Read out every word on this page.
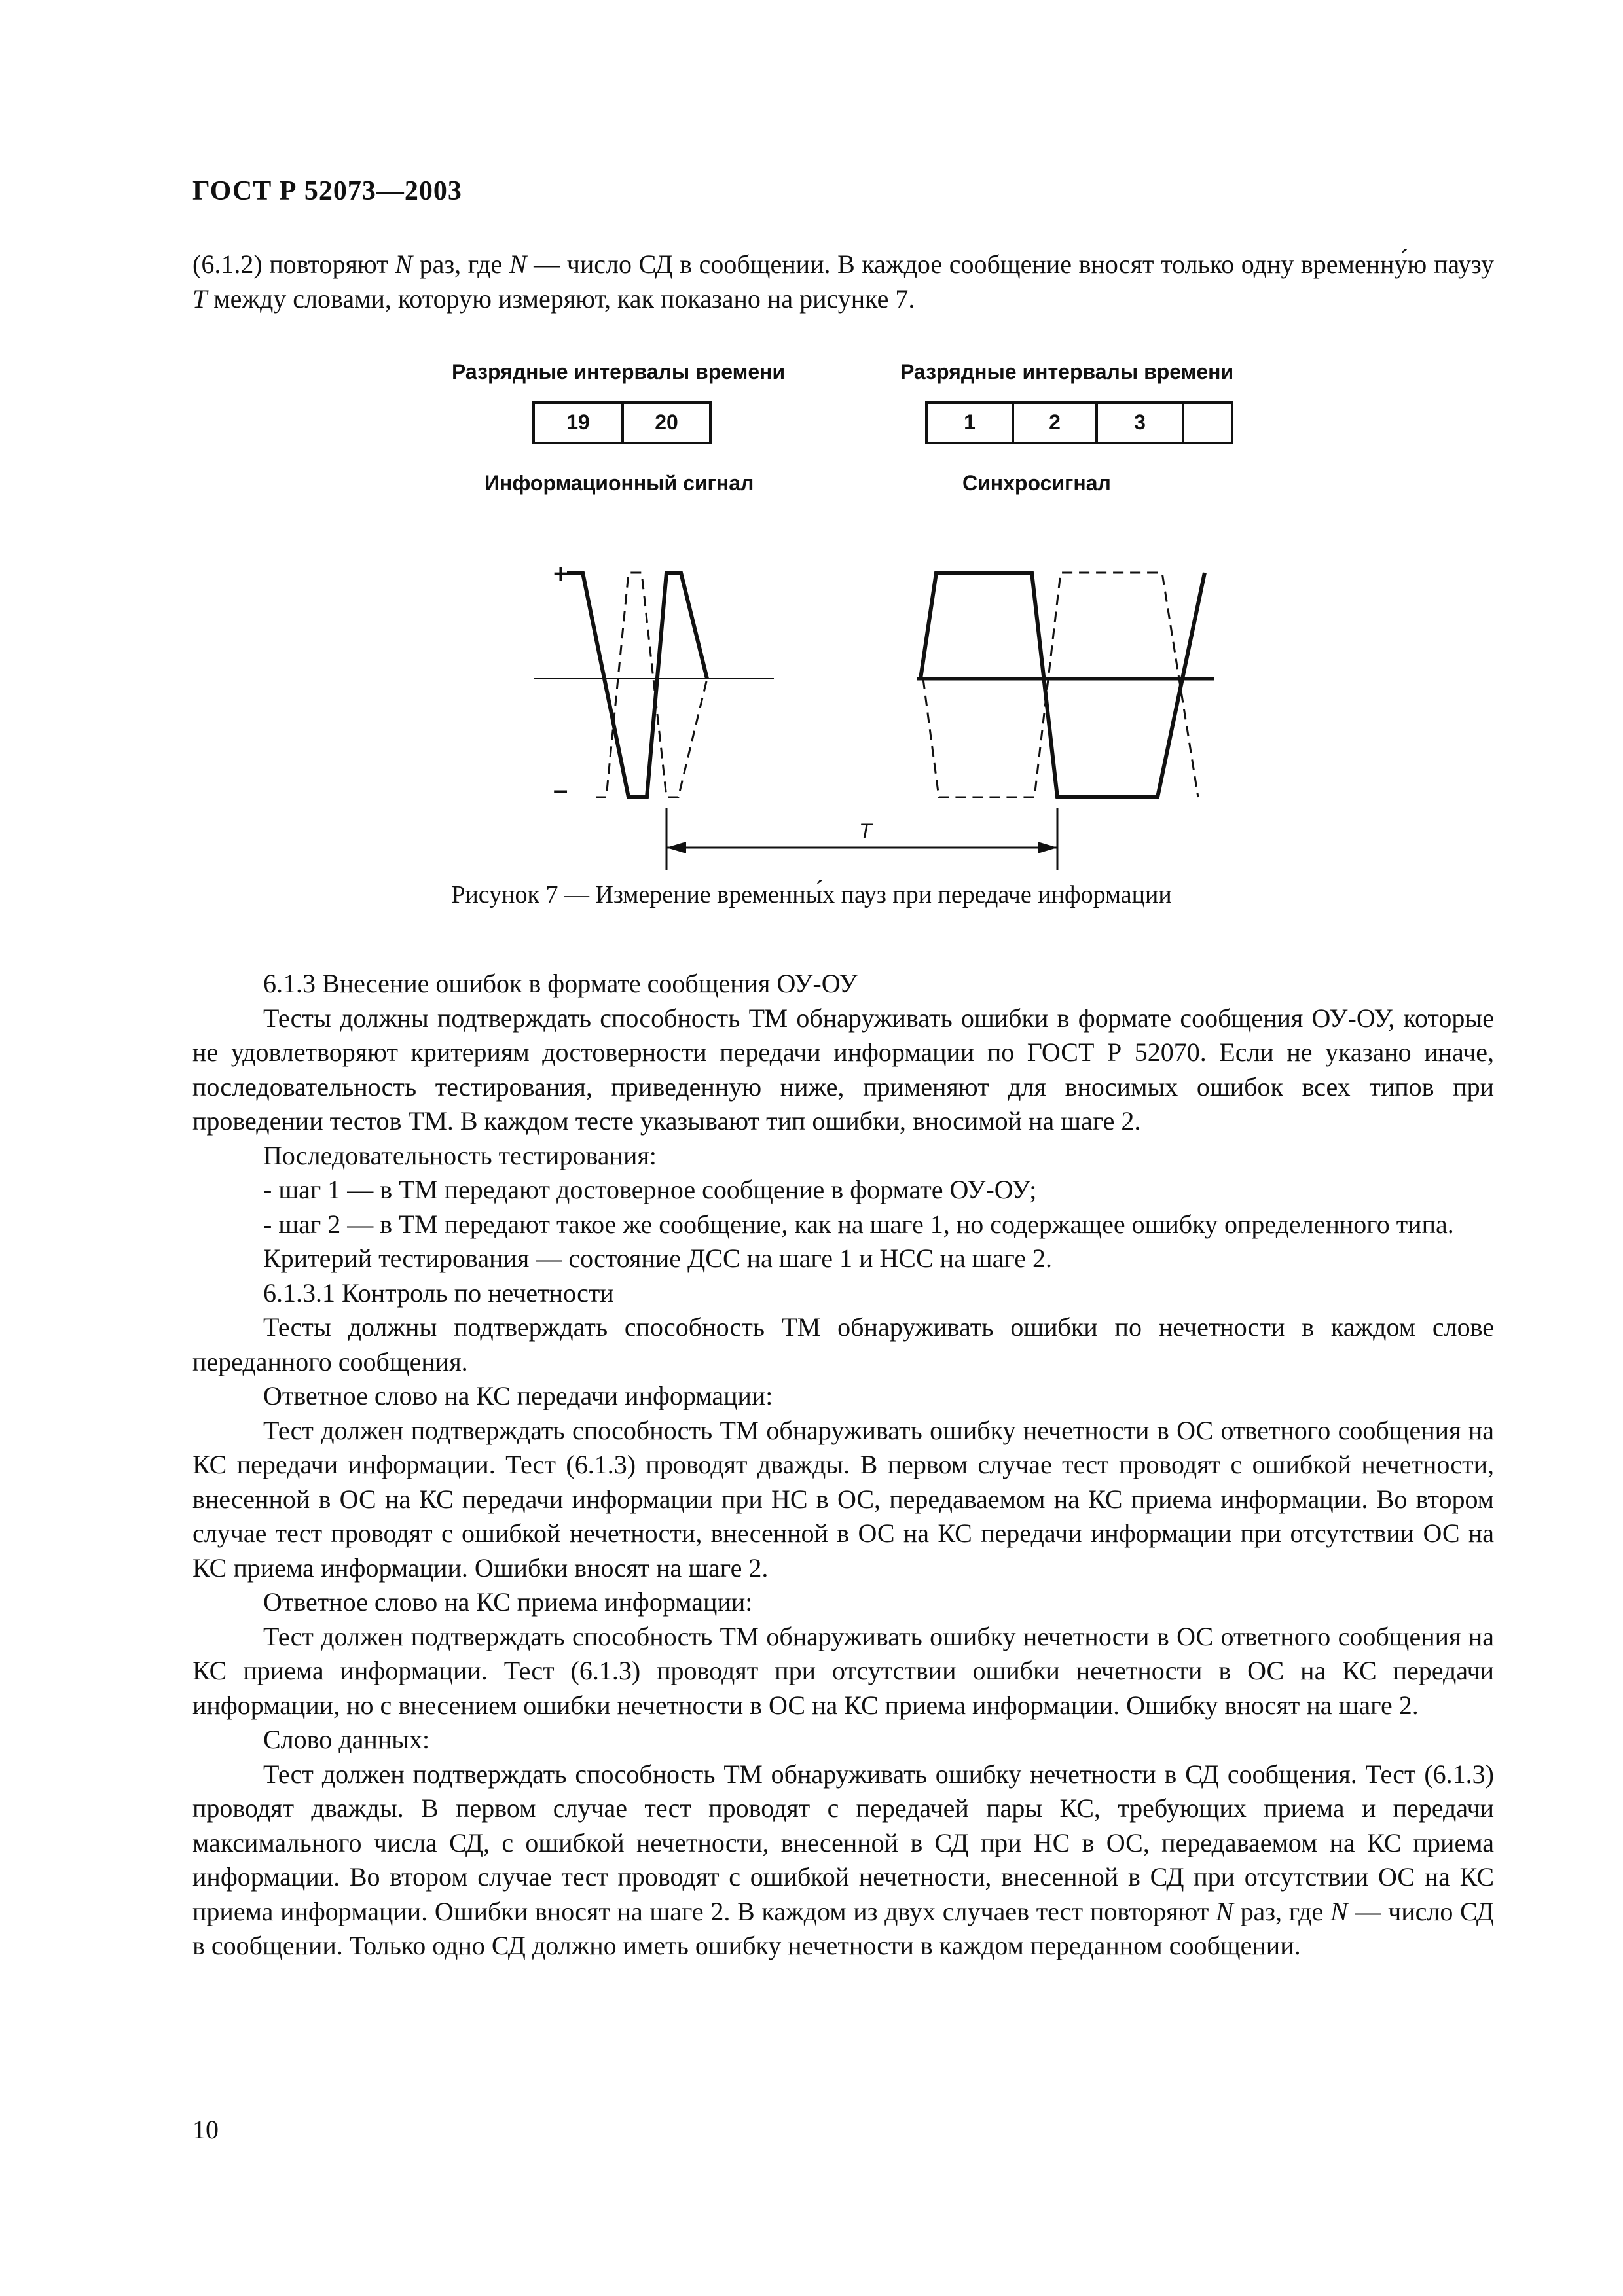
ГОСТ Р 52073—2003

(6.1.2) повторяют N раз, где N — число СД в сообщении. В каждое сообщение вносят только одну временну́ю паузу T между словами, которую измеряют, как показано на рисунке 7.

Разрядные интервалы времени	Разрядные интервалы времени
19	20	1	2	3
Информационный сигнал	Синхросигнал
+
–
T
Рисунок 7 — Измерение временны́х пауз при передаче информации

6.1.3 Внесение ошибок в формате сообщения ОУ-ОУ

Тесты должны подтверждать способность ТМ обнаруживать ошибки в формате сообщения ОУ-ОУ, которые не удовлетворяют критериям достоверности передачи информации по ГОСТ Р 52070. Если не указано иначе, последовательность тестирования, приведенную ниже, применяют для вносимых ошибок всех типов при проведении тестов ТМ. В каждом тесте указывают тип ошибки, вносимой на шаге 2.

Последовательность тестирования:

- шаг 1 — в ТМ передают достоверное сообщение в формате ОУ-ОУ;

- шаг 2 — в ТМ передают такое же сообщение, как на шаге 1, но содержащее ошибку определенного типа.

Критерий тестирования — состояние ДСС на шаге 1 и НСС на шаге 2.

6.1.3.1 Контроль по нечетности

Тесты должны подтверждать способность ТМ обнаруживать ошибки по нечетности в каждом слове переданного сообщения.

Ответное слово на КС передачи информации:

Тест должен подтверждать способность ТМ обнаруживать ошибку нечетности в ОС ответного сообщения на КС передачи информации. Тест (6.1.3) проводят дважды. В первом случае тест проводят с ошибкой нечетности, внесенной в ОС на КС передачи информации при НС в ОС, передаваемом на КС приема информации. Во втором случае тест проводят с ошибкой нечетности, внесенной в ОС на КС передачи информации при отсутствии ОС на КС приема информации. Ошибки вносят на шаге 2.

Ответное слово на КС приема информации:

Тест должен подтверждать способность ТМ обнаруживать ошибку нечетности в ОС ответного сообщения на КС приема информации. Тест (6.1.3) проводят при отсутствии ошибки нечетности в ОС на КС передачи информации, но с внесением ошибки нечетности в ОС на КС приема информации. Ошибку вносят на шаге 2.

Слово данных:

Тест должен подтверждать способность ТМ обнаруживать ошибку нечетности в СД сообщения. Тест (6.1.3) проводят дважды. В первом случае тест проводят с передачей пары КС, требующих приема и передачи максимального числа СД, с ошибкой нечетности, внесенной в СД при НС в ОС, передаваемом на КС приема информации. Во втором случае тест проводят с ошибкой нечетности, внесенной в СД при отсутствии ОС на КС приема информации. Ошибки вносят на шаге 2. В каждом из двух случаев тест повторяют N раз, где N — число СД в сообщении. Только одно СД должно иметь ошибку нечетности в каждом переданном сообщении.

10
